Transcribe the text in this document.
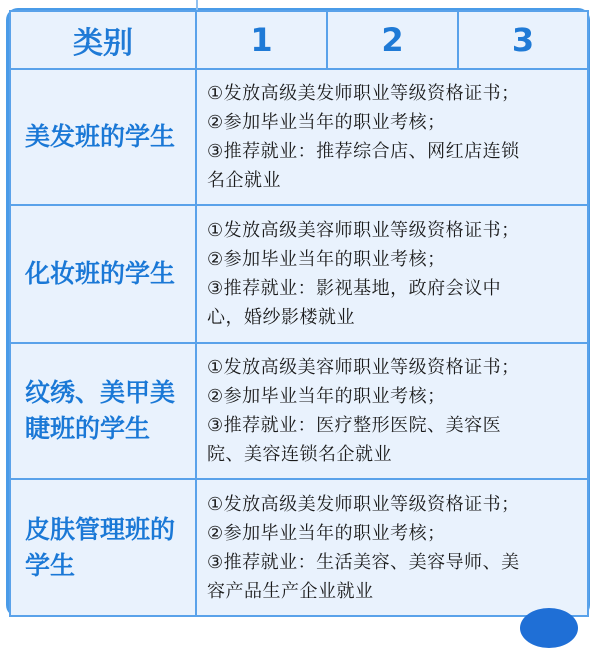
类别	1	2	3

美发班的学生	①发放高级美发师职业等级资格证书；
②参加毕业当年的职业考核；
③推荐就业：推荐综合店、网红店连锁
名企就业		

化妆班的学生	①发放高级美容师职业等级资格证书；
②参加毕业当年的职业考核；
③推荐就业：影视基地，政府会议中
心，婚纱影楼就业		

纹绣、美甲美
睫班的学生	①发放高级美容师职业等级资格证书；
②参加毕业当年的职业考核；
③推荐就业：医疗整形医院、美容医
院、美容连锁名企就业		

皮肤管理班的
学生	①发放高级美发师职业等级资格证书；
②参加毕业当年的职业考核；
③推荐就业：生活美容、美容导师、美
容产品生产企业就业		
